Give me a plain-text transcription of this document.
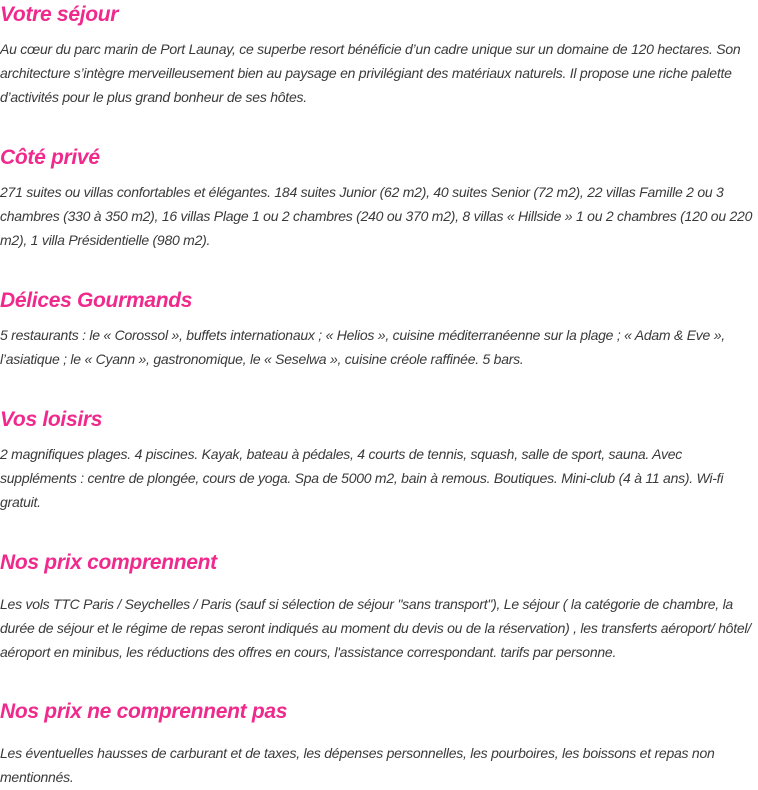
Votre séjour

Au cœur du parc marin de Port Launay, ce superbe resort bénéficie d’un cadre unique sur un domaine de 120 hectares. Son architecture s’intègre merveilleusement bien au paysage en privilégiant des matériaux naturels. Il propose une riche palette d’activités pour le plus grand bonheur de ses hôtes.

Côté privé

271 suites ou villas confortables et élégantes. 184 suites Junior (62 m2), 40 suites Senior (72 m2), 22 villas Famille 2 ou 3 chambres (330 à 350 m2), 16 villas Plage 1 ou 2 chambres (240 ou 370 m2), 8 villas « Hillside » 1 ou 2 chambres (120 ou 220 m2), 1 villa Présidentielle (980 m2).

Délices Gourmands

5 restaurants : le « Corossol », buffets internationaux ; « Helios », cuisine méditerranéenne sur la plage ; « Adam & Eve », l’asiatique ; le « Cyann », gastronomique, le « Seselwa », cuisine créole raffinée. 5 bars.

Vos loisirs

2 magnifiques plages. 4 piscines. Kayak, bateau à pédales, 4 courts de tennis, squash, salle de sport, sauna. Avec suppléments : centre de plongée, cours de yoga. Spa de 5000 m2, bain à remous. Boutiques. Mini-club (4 à 11 ans). Wi-fi gratuit.

Nos prix comprennent

Les vols TTC Paris / Seychelles / Paris (sauf si sélection de séjour "sans transport"), Le séjour ( la catégorie de chambre, la durée de séjour et le régime de repas seront indiqués au moment du devis ou de la réservation) , les transferts aéroport/ hôtel/ aéroport en minibus, les réductions des offres en cours, l'assistance correspondant. tarifs par personne.

Nos prix ne comprennent pas

Les éventuelles hausses de carburant et de taxes, les dépenses personnelles, les pourboires, les boissons et repas non mentionnés.
